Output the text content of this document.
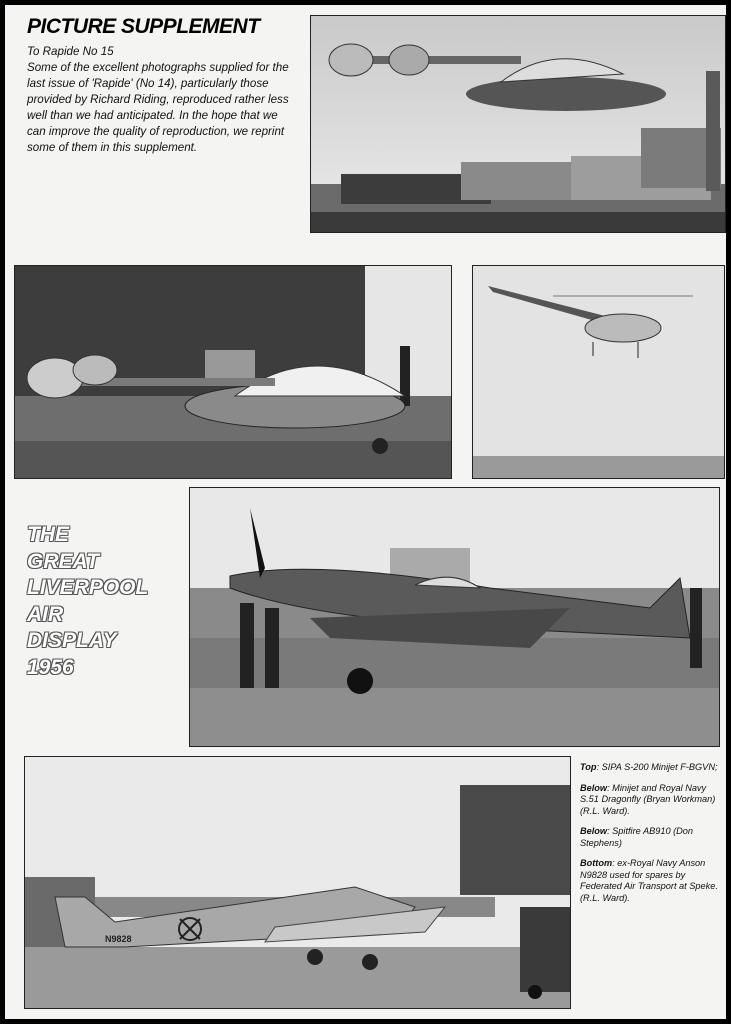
PICTURE SUPPLEMENT

To Rapide No 15

Some of the excellent photographs supplied for the

last issue of 'Rapide' (No 14), particularly those

provided by Richard Riding, reproduced rather less

well than we had anticipated. In the hope that we

can improve the quality of reproduction, we reprint

some of them in this supplement.

THE
GREAT
LIVERPOOL
AIR
DISPLAY
1956
N9828

Top: SIPA S-200 Minijet F-BGVN;

Below: Minijet and Royal Navy S.51 Dragonfly (Bryan Workman) (R.L. Ward).

Below: Spitfire AB910 (Don Stephens)

Bottom: ex-Royal Navy Anson N9828 used for spares by Federated Air Transport at Speke. (R.L. Ward).
